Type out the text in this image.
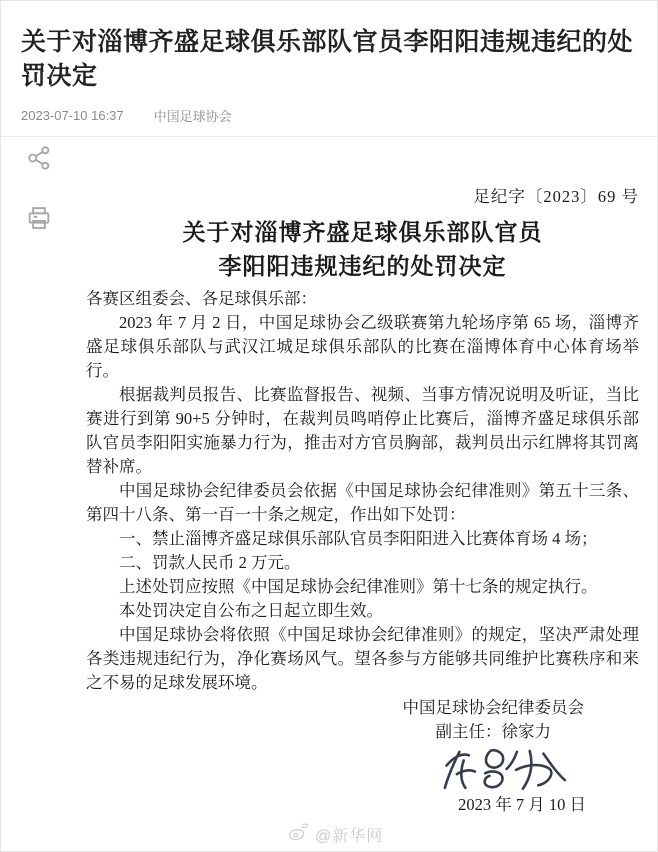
关于对淄博齐盛足球俱乐部队官员李阳阳违规违纪的处罚决定
2023-07-10 16:37 中国足球协会
足纪字〔2023〕69 号
关于对淄博齐盛足球俱乐部队官员
李阳阳违规违纪的处罚决定

各赛区组委会、各足球俱乐部：

2023 年 7 月 2 日，中国足球协会乙级联赛第九轮场序第 65 场，淄博齐盛足球俱乐部队与武汉江城足球俱乐部队的比赛在淄博体育中心体育场举行。

根据裁判员报告、比赛监督报告、视频、当事方情况说明及听证，当比赛进行到第 90+5 分钟时，在裁判员鸣哨停止比赛后，淄博齐盛足球俱乐部队官员李阳阳实施暴力行为，推击对方官员胸部，裁判员出示红牌将其罚离替补席。

中国足球协会纪律委员会依据《中国足球协会纪律准则》第五十三条、第四十八条、第一百一十条之规定，作出如下处罚：

一、禁止淄博齐盛足球俱乐部队官员李阳阳进入比赛体育场 4 场；

二、罚款人民币 2 万元。

上述处罚应按照《中国足球协会纪律准则》第十七条的规定执行。

本处罚决定自公布之日起立即生效。

中国足球协会将依照《中国足球协会纪律准则》的规定，坚决严肃处理各类违规违纪行为，净化赛场风气。望各参与方能够共同维护比赛秩序和来之不易的足球发展环境。

中国足球协会纪律委员会
副主任：徐家力
2023 年 7 月 10 日
@新华网
